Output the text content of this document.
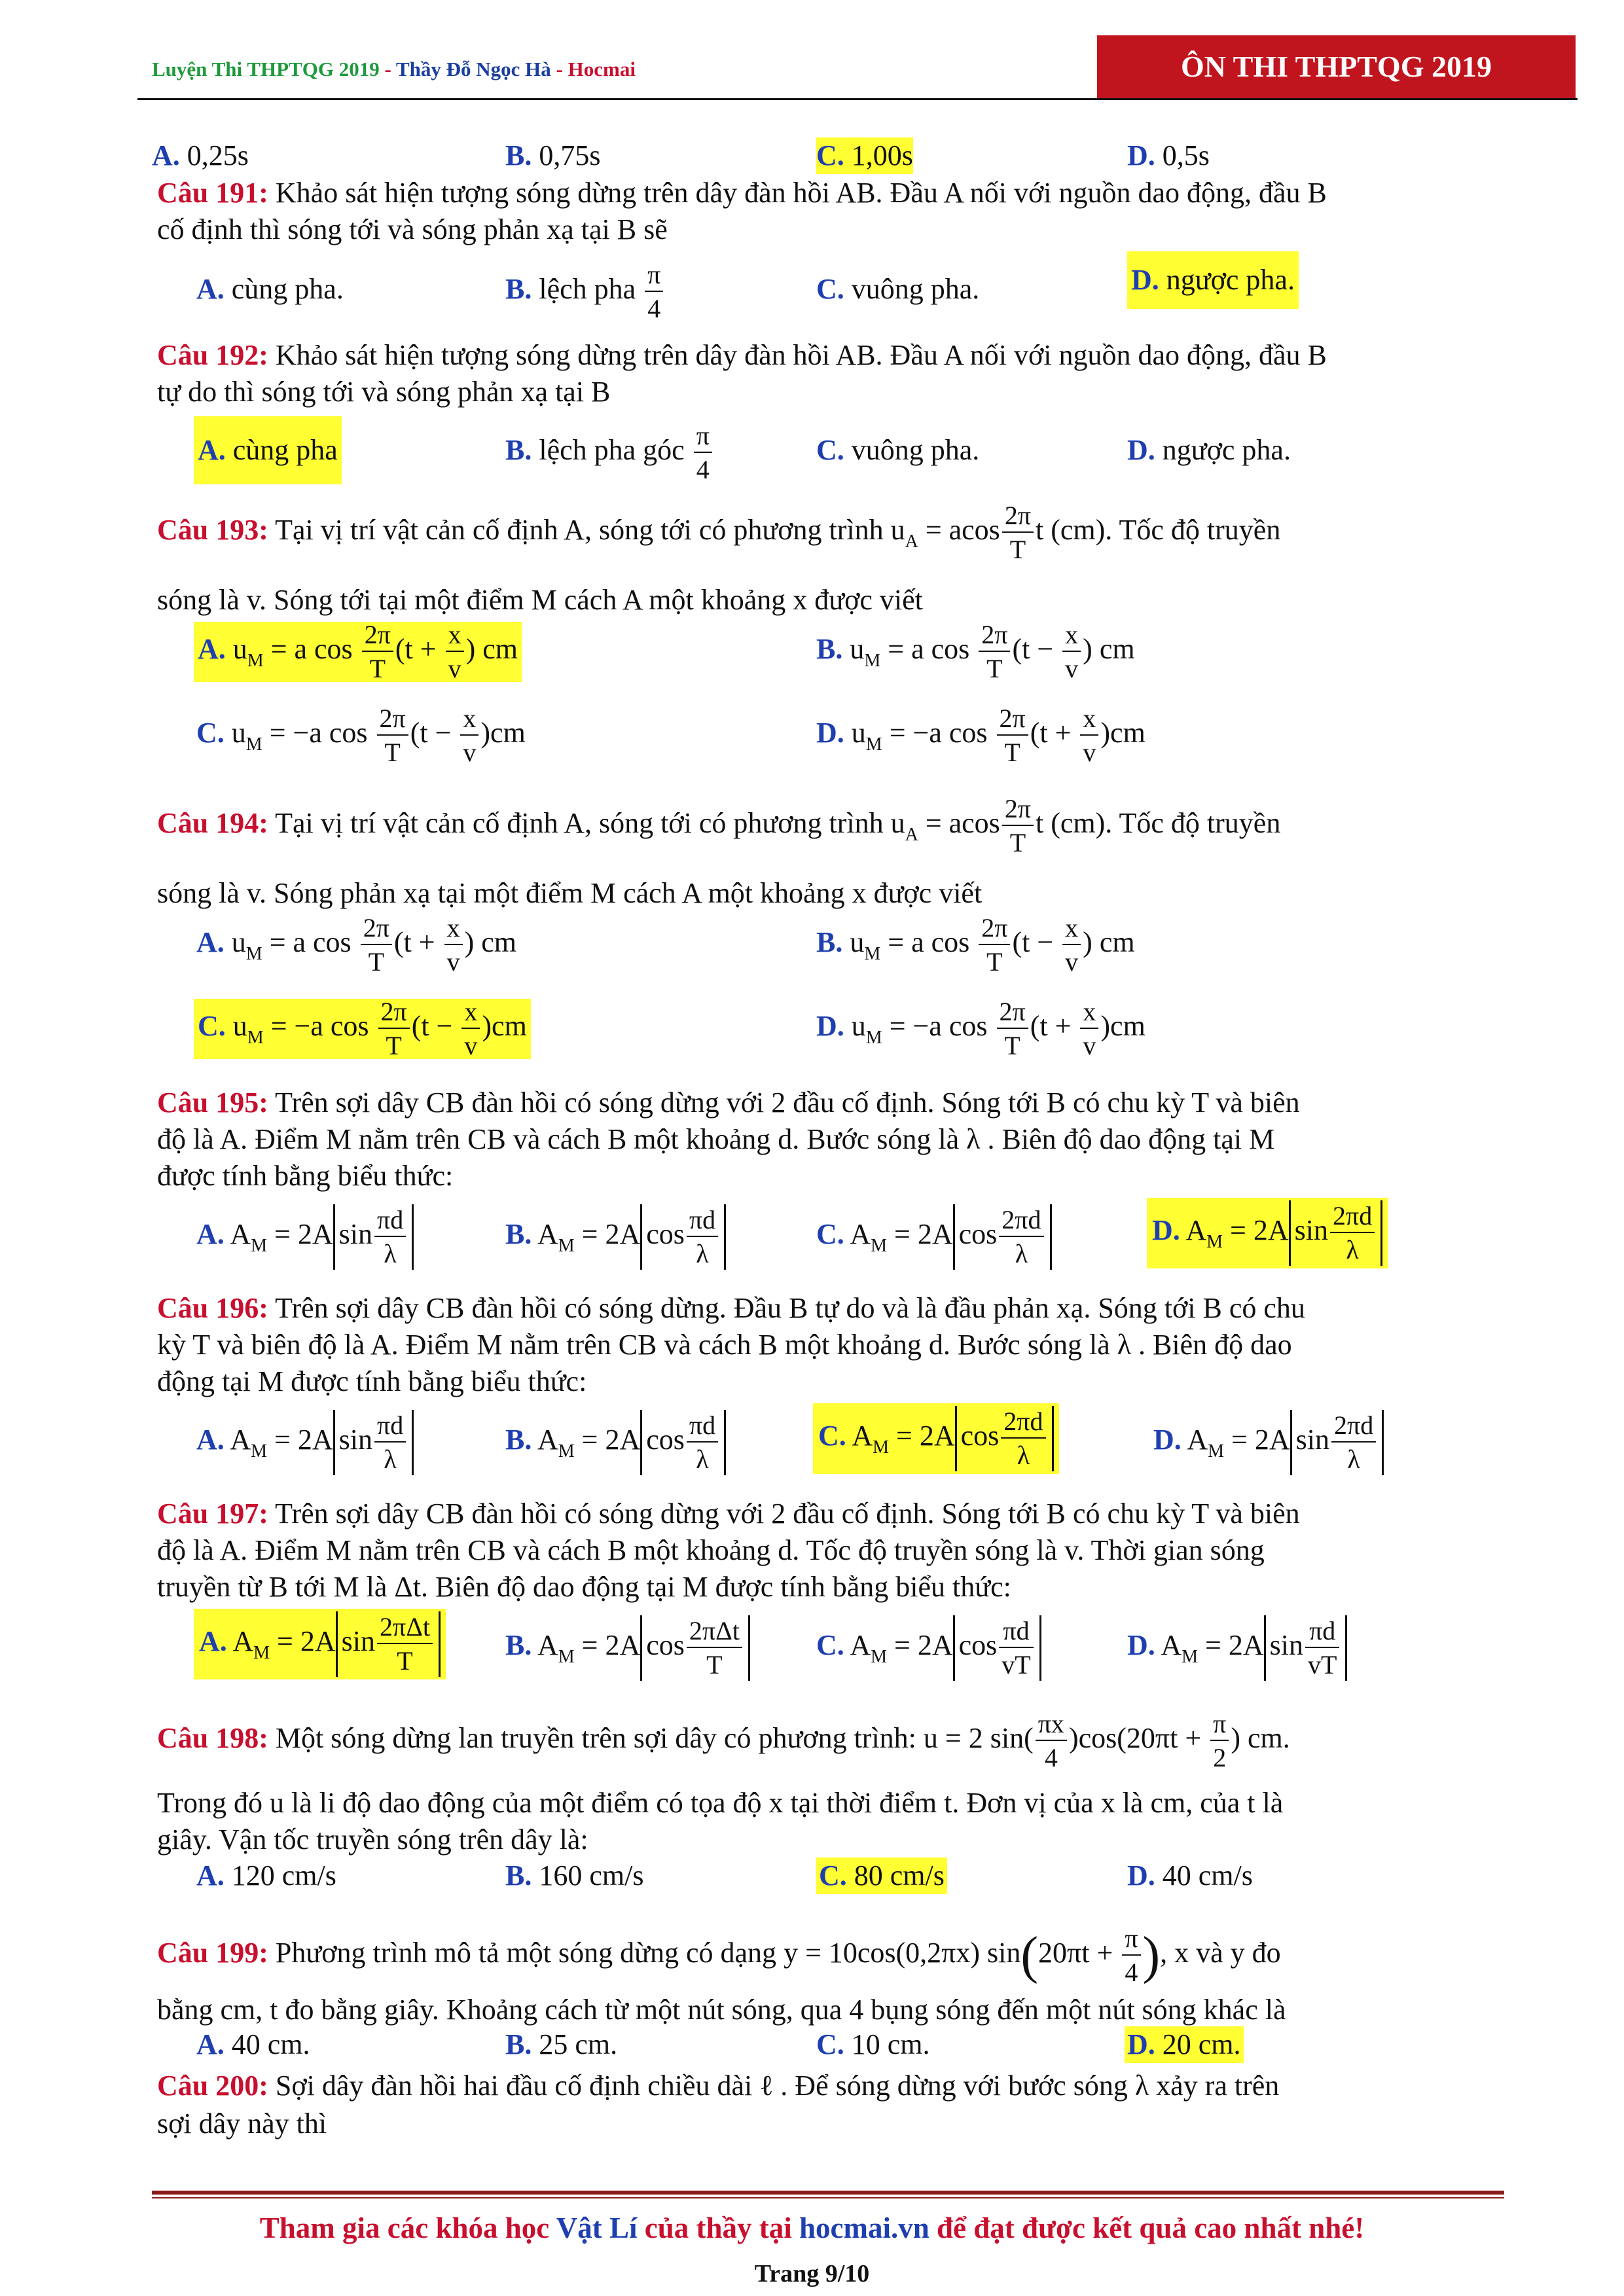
Luyện Thi THPTQG 2019 - Thầy Đỗ Ngọc Hà - Hocmai	ÔN THI THPTQG 2019
A. 0,25s	B. 0,75s	C. 1,00s	D. 0,5s
Câu 191: Khảo sát hiện tượng sóng dừng trên dây đàn hồi AB. Đầu A nối với nguồn dao động, đầu B
cố định thì sóng tới và sóng phản xạ tại B sẽ
A. cùng pha.	B. lệch pha $\frac{\pi}{4}$	C. vuông pha.	D. ngược pha.
Câu 192: Khảo sát hiện tượng sóng dừng trên dây đàn hồi AB. Đầu A nối với nguồn dao động, đầu B
tự do thì sóng tới và sóng phản xạ tại B
A. cùng pha	B. lệch pha góc $\frac{\pi}{4}$	C. vuông pha.	D. ngược pha.
Câu 193: Tại vị trí vật cản cố định A, sóng tới có phương trình $u_A = acos \frac{2\pi}{T}$ t (cm). Tốc độ truyền
sóng là v. Sóng tới tại một điểm M cách A một khoảng x được viết
A. $u_M = a$ $\cos \frac{2\pi}{T} (t + \frac{x}{v}$ ) cm	B. $u_M = a$ $\cos \frac{2\pi}{T} (t - \frac{x}{v}$ ) cm
C. $u_M = -a$ $\cos \frac{2\pi}{T} (t - \frac{x}{v} )cm$	D. $u_M = -a$ $\cos \frac{2\pi}{T} (t + \frac{x}{v} )cm$
Câu 194: Tại vị trí vật cản cố định A, sóng tới có phương trình $u_A = acos \frac{2\pi}{T}$ t (cm). Tốc độ truyền
sóng là v. Sóng phản xạ tại một điểm M cách A một khoảng x được viết
A. $u_M = a$ $\cos \frac{2\pi}{T} (t + \frac{x}{v}$ ) cm	B. $u_M = a$ $\cos \frac{2\pi}{T} (t - \frac{x}{v}$ ) cm
C. $u_M = -a$ $\cos \frac{2\pi}{T} (t - \frac{x}{v} )cm$	D. $u_M = -a$ $\cos \frac{2\pi}{T} (t + \frac{x}{v} )cm$
Câu 195: Trên sợi dây CB đàn hồi có sóng dừng với 2 đầu cố định. Sóng tới B có chu kỳ T và biên
độ là A. Điểm M nằm trên CB và cách B một khoảng d. Bước sóng là λ . Biên độ dao động tại M
được tính bằng biểu thức:
A. $A_M = 2A$ $\sin \frac{\pi d}{\lambda}$	B. $A_M = 2A$ $\cos \frac{\pi d}{\lambda}$	C. $A_M = 2A$ $\cos \frac{2\pi d}{\lambda}$	D. $A_M = 2A$ $\sin \frac{2\pi d}{\lambda}$
Câu 196: Trên sợi dây CB đàn hồi có sóng dừng. Đầu B tự do và là đầu phản xạ. Sóng tới B có chu
kỳ T và biên độ là A. Điểm M nằm trên CB và cách B một khoảng d. Bước sóng là λ . Biên độ dao
động tại M được tính bằng biểu thức:
A. $A_M = 2A$ $\sin \frac{\pi d}{\lambda}$	B. $A_M = 2A$ $\cos \frac{\pi d}{\lambda}$	C. $A_M = 2A$ $\cos \frac{2\pi d}{\lambda}$	D. $A_M = 2A$ $\sin \frac{2\pi d}{\lambda}$
Câu 197: Trên sợi dây CB đàn hồi có sóng dừng với 2 đầu cố định. Sóng tới B có chu kỳ T và biên
độ là A. Điểm M nằm trên CB và cách B một khoảng d. Tốc độ truyền sóng là v. Thời gian sóng
truyền từ B tới M là Δt. Biên độ dao động tại M được tính bằng biểu thức:
A. $A_M = 2A$ $\sin \frac{\text{2πΔt}}{T}$	B. $A_M = 2A$ $\cos \frac{\text{2πΔt}}{T}$	C. $A_M = 2A$ $\cos \frac{\pi d}{vT}$	D. $A_M = 2A$ $\sin \frac{\pi d}{vT}$
Câu 198: Một sóng dừng lan truyền trên sợi dây có phương trình: u = 2 $\sin( \frac{\pi x}{4} )\cos(20\pi t + \frac{\pi}{2}$ ) cm.
Trong đó u là li độ dao động của một điểm có tọa độ x tại thời điểm t. Đơn vị của x là cm, của t là
giây. Vận tốc truyền sóng trên dây là:
A. 120 cm/s	B. 160 cm/s	C. 80 cm/s	D. 40 cm/s
Câu 199: Phương trình mô tả một sóng dừng có dạng y = 10cos(0,2πx) $\sin(20\pi t + \frac{\pi}{4}$ ), x và y đo
bằng cm, t đo bằng giây. Khoảng cách từ một nút sóng, qua 4 bụng sóng đến một nút sóng khác là
A. 40 cm.	B. 25 cm.	C. 10 cm.	D. 20 cm.
Câu 200: Sợi dây đàn hồi hai đầu cố định chiều dài ℓ . Để sóng dừng với bước sóng λ xảy ra trên
sợi dây này thì
Tham gia các khóa học Vật Lí của thầy tại hocmai.vn để đạt được kết quả cao nhất nhé!
Trang 9/10
